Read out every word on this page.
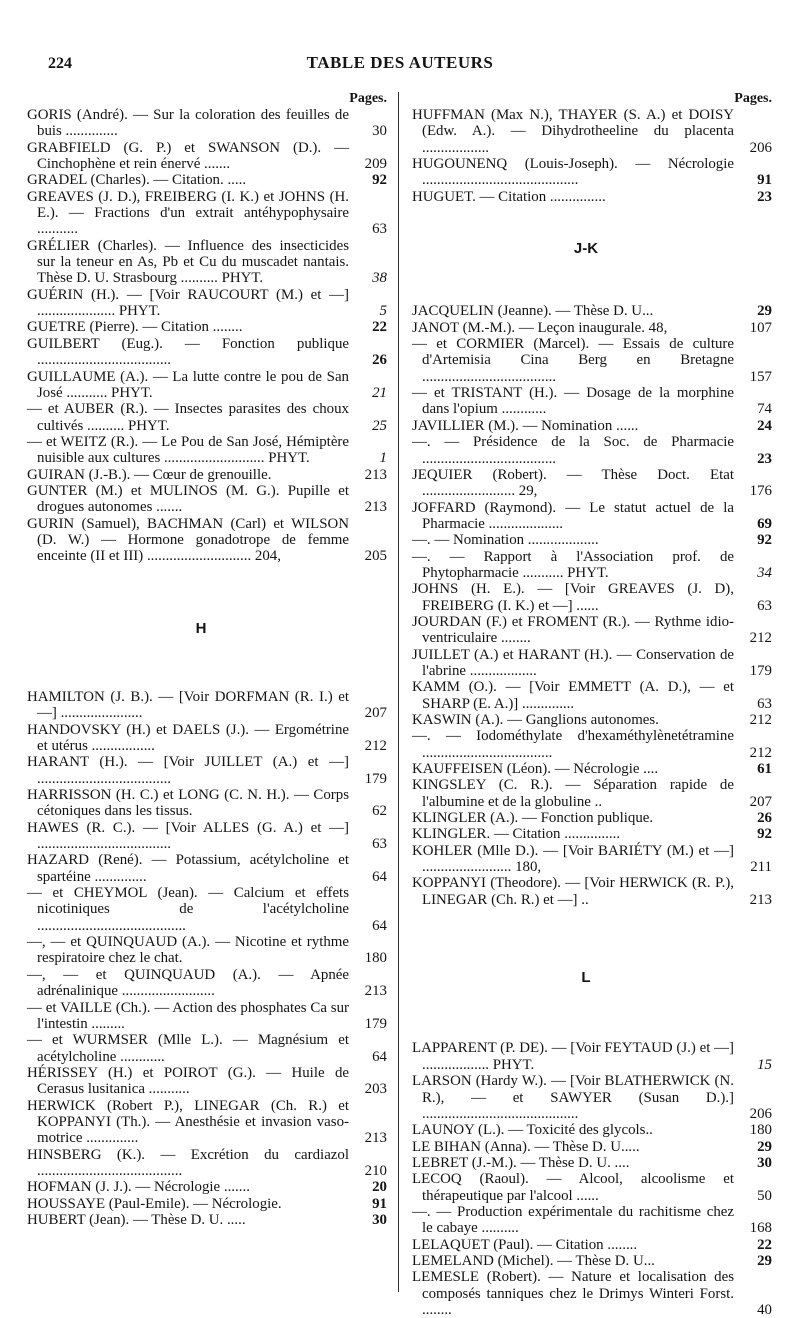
224	TABLE DES AUTEURS
Pages.
GORIS (André). — Sur la coloration des feuilles de buis ..............	30
GRABFIELD (G. P.) et SWANSON (D.). — Cinchophène et rein énervé .......	209
GRADEL (Charles). — Citation. .....	92
GREAVES (J. D.), FREIBERG (I. K.) et JOHNS (H. E.). — Fractions d'un extrait antéhypophysaire ...........	63
GRÉLIER (Charles). — Influence des insecticides sur la teneur en As, Pb et Cu du muscadet nantais. Thèse D. U. Strasbourg .......... PHYT.	38
GUÉRIN (H.). — [Voir RAUCOURT (M.) et —] ..................... PHYT.	5
GUETRE (Pierre). — Citation ........	22
GUILBERT (Eug.). — Fonction publique ....................................	26
GUILLAUME (A.). — La lutte contre le pou de San José ........... PHYT.	21
— et AUBER (R.). — Insectes parasites des choux cultivés .......... PHYT.	25
— et WEITZ (R.). — Le Pou de San José, Hémiptère nuisible aux cultures ........................... PHYT.	1
GUIRAN (J.-B.). — Cœur de grenouille.	213
GUNTER (M.) et MULINOS (M. G.). Pupille et drogues autonomes .......	213
GURIN (Samuel), BACHMAN (Carl) et WILSON (D. W.) — Hormone gonadotrope de femme enceinte (II et III) ............................ 204,	205
H
HAMILTON (J. B.). — [Voir DORFMAN (R. I.) et —] ......................	207
HANDOVSKY (H.) et DAELS (J.). — Ergométrine et utérus .................	212
HARANT (H.). — [Voir JUILLET (A.) et —] ....................................	179
HARRISSON (H. C.) et LONG (C. N. H.). — Corps cétoniques dans les tissus.	62
HAWES (R. C.). — [Voir ALLES (G. A.) et —] ....................................	63
HAZARD (René). — Potassium, acétylcholine et spartéine ..............	64
— et CHEYMOL (Jean). — Calcium et effets nicotiniques de l'acétylcholine ........................................	64
—, — et QUINQUAUD (A.). — Nicotine et rythme respiratoire chez le chat.	180
—, — et QUINQUAUD (A.). — Apnée adrénalinique .........................	213
— et VAILLE (Ch.). — Action des phosphates Ca sur l'intestin .........	179
— et WURMSER (Mlle L.). — Magnésium et acétylcholine ............	64
HÉRISSEY (H.) et POIROT (G.). — Huile de Cerasus lusitanica ...........	203
HERWICK (Robert P.), LINEGAR (Ch. R.) et KOPPANYI (Th.). — Anesthésie et invasion vaso-motrice ..............	213
HINSBERG (K.). — Excrétion du cardiazol .......................................	210
HOFMAN (J. J.). — Nécrologie .......	20
HOUSSAYE (Paul-Emile). — Nécrologie.	91
HUBERT (Jean). — Thèse D. U. .....	30
Pages.
HUFFMAN (Max N.), THAYER (S. A.) et DOISY (Edw. A.). — Dihydrotheeline du placenta ..................	206
HUGOUNENQ (Louis-Joseph). — Nécrologie ..........................................	91
HUGUET. — Citation ...............	23
J-K
JACQUELIN (Jeanne). — Thèse D. U...	29
JANOT (M.-M.). — Leçon inaugurale. 48,	107
— et CORMIER (Marcel). — Essais de culture d'Artemisia Cina Berg en Bretagne ....................................	157
— et TRISTANT (H.). — Dosage de la morphine dans l'opium ............	74
JAVILLIER (M.). — Nomination ......	24
—. — Présidence de la Soc. de Pharmacie ....................................	23
JEQUIER (Robert). — Thèse Doct. Etat ......................... 29,	176
JOFFARD (Raymond). — Le statut actuel de la Pharmacie ....................	69
—. — Nomination ...................	92
—. — Rapport à l'Association prof. de Phytopharmacie ........... PHYT.	34
JOHNS (H. E.). — [Voir GREAVES (J. D), FREIBERG (I. K.) et —] ......	63
JOURDAN (F.) et FROMENT (R.). — Rythme idio-ventriculaire ........	212
JUILLET (A.) et HARANT (H.). — Conservation de l'abrine ..................	179
KAMM (O.). — [Voir EMMETT (A. D.), — et SHARP (E. A.)] ..............	63
KASWIN (A.). — Ganglions autonomes.	212
—. — Iodométhylate d'hexaméthylènetétramine ...................................	212
KAUFFEISEN (Léon). — Nécrologie ....	61
KINGSLEY (C. R.). — Séparation rapide de l'albumine et de la globuline ..	207
KLINGLER (A.). — Fonction publique.	26
KLINGLER. — Citation ...............	92
KOHLER (Mlle D.). — [Voir BARIÉTY (M.) et —] ........................ 180,	211
KOPPANYI (Theodore). — [Voir HERWICK (R. P.), LINEGAR (Ch. R.) et —] ..	213
L
LAPPARENT (P. DE). — [Voir FEYTAUD (J.) et —] .................. PHYT.	15
LARSON (Hardy W.). — [Voir BLATHERWICK (N. R.), — et SAWYER (Susan D.).] ..........................................	206
LAUNOY (L.). — Toxicité des glycols..	180
LE BIHAN (Anna). — Thèse D. U.....	29
LEBRET (J.-M.). — Thèse D. U. ....	30
LECOQ (Raoul). — Alcool, alcoolisme et thérapeutique par l'alcool ......	50
—. — Production expérimentale du rachitisme chez le cabaye ..........	168
LELAQUET (Paul). — Citation ........	22
LEMELAND (Michel). — Thèse D. U...	29
LEMESLE (Robert). — Nature et localisation des composés tanniques chez le Drimys Winteri Forst. ........	40
